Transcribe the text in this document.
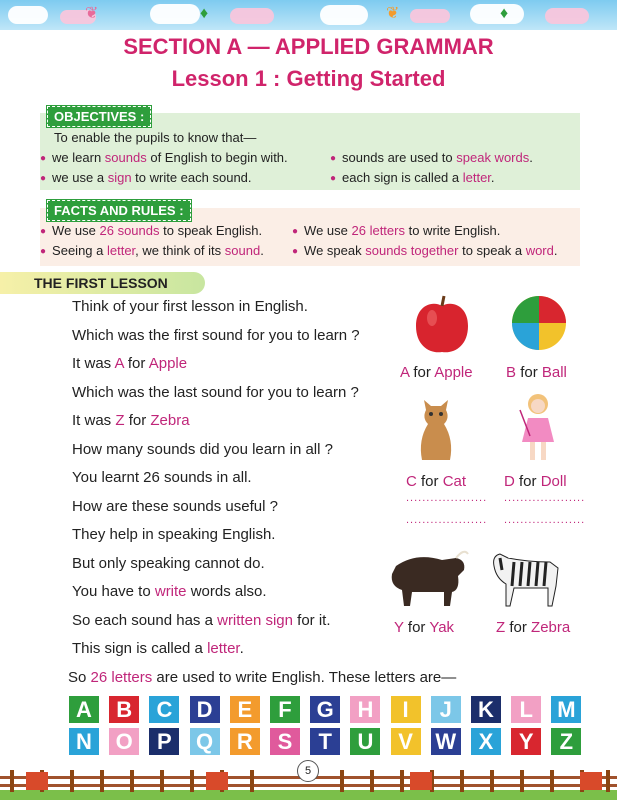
❦	♦	❦	♦
SECTION A — APPLIED GRAMMAR
Lesson 1 : Getting Started
OBJECTIVES :
To enable the pupils to know that—
● we learn sounds of English to begin with.	● sounds are used to speak words.
● we use a sign to write each sound.	● each sign is called a letter.
FACTS AND RULES :
● We use 26 sounds to speak English.	● We use 26 letters to write English.
● Seeing a letter, we think of its sound.	● We speak sounds together to speak a word.
THE FIRST LESSON
Think of your first lesson in English.
Which was the first sound for you to learn ?
It was A for Apple
Which was the last sound for you to learn ?
It was Z for Zebra
How many sounds did you learn in all ?
You learnt 26 sounds in all.
How are these sounds useful ?
They help in speaking English.
But only speaking cannot do.
You have to write words also.
So each sound has a written sign for it.
This sign is called a letter.
So 26 letters are used to write English. These letters are—
A for Apple B for Ball
C for Cat	D for Doll
.................... ....................
.................... ....................
Y for Yak	Z for Zebra
A	B	C	D	E	F	G	H	I	J	K	L	M
N	O	P	Q	R	S	T	U	V	W	X	Y	Z
5
